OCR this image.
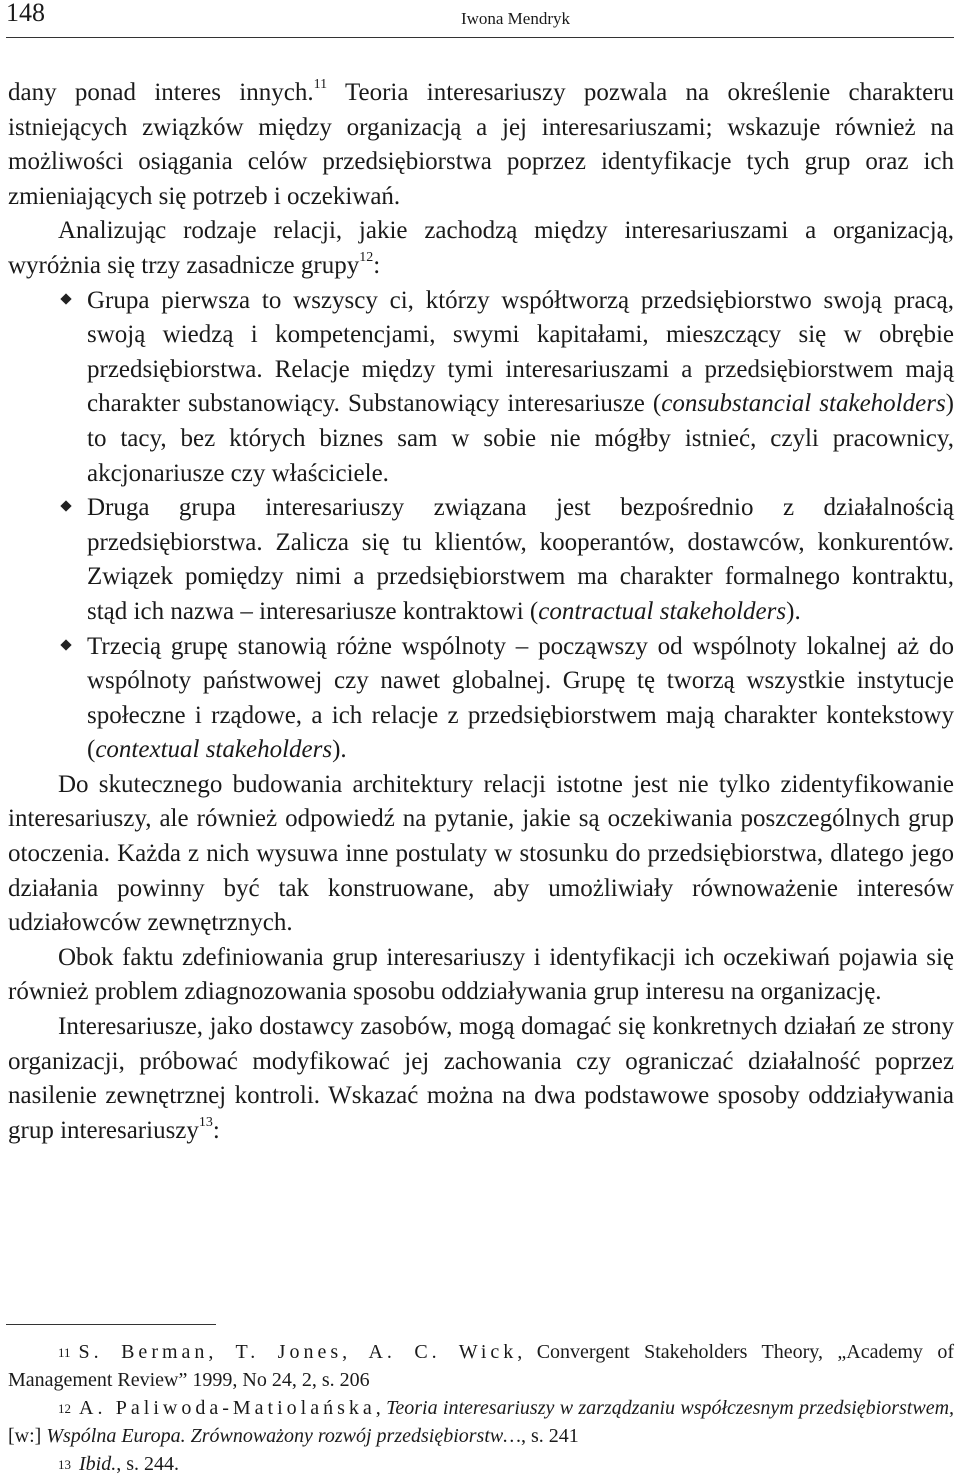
148	Iwona Mendryk

dany ponad interes innych.$^{11}$ Teoria interesariuszy pozwala na określenie charakteru istniejących związków między organizacją a jej interesariuszami; wskazuje również na możliwości osiągania celów przedsiębiorstwa poprzez identyfikacje tych grup oraz ich zmieniających się potrzeb i oczekiwań.

Analizując rodzaje relacji, jakie zachodzą między interesariuszami a organizacją, wyróżnia się trzy zasadnicze grupy$^{12}$:

Grupa pierwsza to wszyscy ci, którzy współtworzą przedsiębiorstwo swoją pracą, swoją wiedzą i kompetencjami, swymi kapitałami, mieszczący się w obrębie przedsiębiorstwa. Relacje między tymi interesariuszami a przedsiębiorstwem mają charakter substanowiący. Substanowiący interesariusze (consubstancial stakeholders) to tacy, bez których biznes sam w sobie nie mógłby istnieć, czyli pracownicy, akcjonariusze czy właściciele.
Druga grupa interesariuszy związana jest bezpośrednio z działalnością przedsiębiorstwa. Zalicza się tu klientów, kooperantów, dostawców, konkurentów. Związek pomiędzy nimi a przedsiębiorstwem ma charakter formalnego kontraktu, stąd ich nazwa – interesariusze kontraktowi (contractual stakeholders).
Trzecią grupę stanowią różne wspólnoty – począwszy od wspólnoty lokalnej aż do wspólnoty państwowej czy nawet globalnej. Grupę tę tworzą wszystkie instytucje społeczne i rządowe, a ich relacje z przedsiębiorstwem mają charakter kontekstowy (contextual stakeholders).

Do skutecznego budowania architektury relacji istotne jest nie tylko zidentyfikowanie interesariuszy, ale również odpowiedź na pytanie, jakie są oczekiwania poszczególnych grup otoczenia. Każda z nich wysuwa inne postulaty w stosunku do przedsiębiorstwa, dlatego jego działania powinny być tak konstruowane, aby umożliwiały równoważenie interesów udziałowców zewnętrznych.

Obok faktu zdefiniowania grup interesariuszy i identyfikacji ich oczekiwań pojawia się również problem zdiagnozowania sposobu oddziaływania grup interesu na organizację.

Interesariusze, jako dostawcy zasobów, mogą domagać się konkretnych działań ze strony organizacji, próbować modyfikować jej zachowania czy ograniczać działalność poprzez nasilenie zewnętrznej kontroli. Wskazać można na dwa podstawowe sposoby oddziaływania grup interesariuszy$^{13}$:

$^{11}$ S. Berman, T. Jones, A. C. Wick, Convergent Stakeholders Theory, „Academy of Management Review” 1999, No 24, 2, s. 206

$^{12}$ A. Paliwoda-Matiolańska, Teoria interesariuszy w zarządzaniu współczesnym przedsiębiorstwem, [w:] Wspólna Europa. Zrównoważony rozwój przedsiębiorstw…, s. 241

$^{13}$ Ibid., s. 244.
